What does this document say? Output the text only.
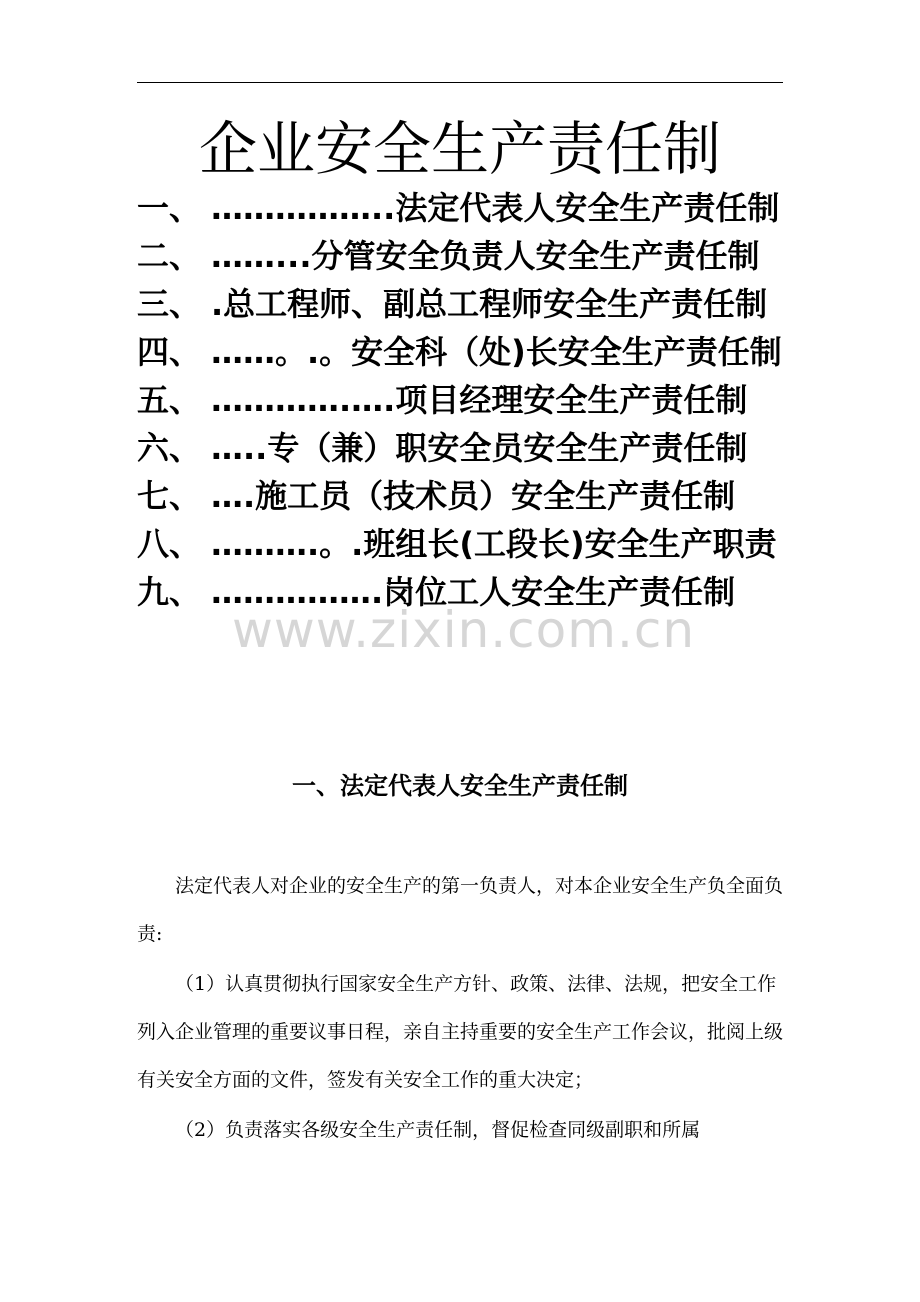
企业安全生产责任制
一、 ……………..法定代表人安全生产责任制
二、 ……...分管安全负责人安全生产责任制
三、 .总工程师、副总工程师安全生产责任制
四、 ……。.。安全科（处)长安全生产责任制
五、 ………….….项目经理安全生产责任制
六、 …..专（兼）职安全员安全生产责任制
七、 ….施工员（技术员）安全生产责任制
八、 ……….。.班组长(工段长)安全生产职责
九、 …………….岗位工人安全生产责任制
一、法定代表人安全生产责任制

法定代表人对企业的安全生产的第一负责人，对本企业安全生产负全面负责:

（1）认真贯彻执行国家安全生产方针、政策、法律、法规，把安全工作列入企业管理的重要议事日程，亲自主持重要的安全生产工作会议，批阅上级有关安全方面的文件，签发有关安全工作的重大决定；

（2）负责落实各级安全生产责任制，督促检查同级副职和所属

www.zixin.com.cn
